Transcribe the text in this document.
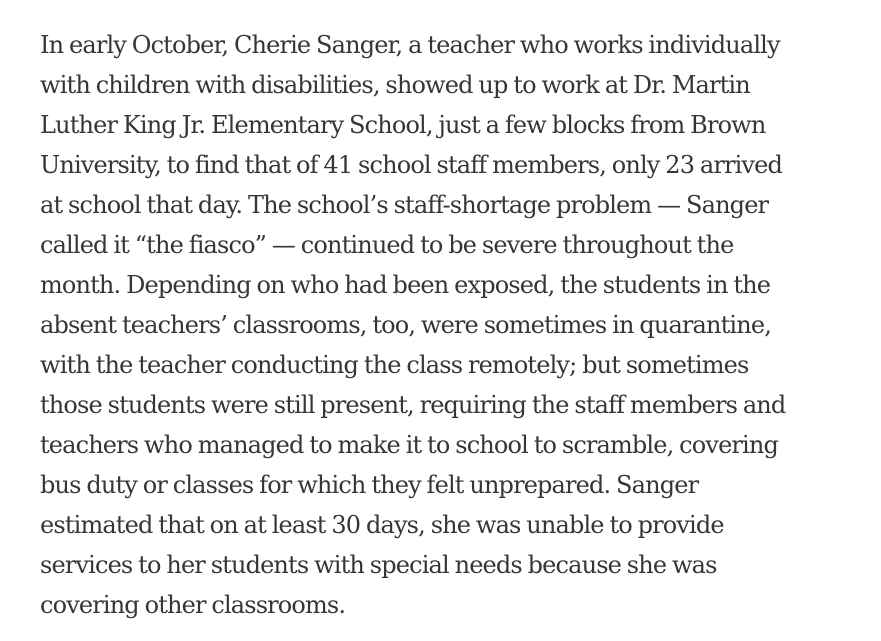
In early October, Cherie Sanger, a teacher who works individually
with children with disabilities, showed up to work at Dr. Martin
Luther King Jr. Elementary School, just a few blocks from Brown
University, to find that of 41 school staff members, only 23 arrived
at school that day. The school’s staff-shortage problem — Sanger
called it “the fiasco” — continued to be severe throughout the
month. Depending on who had been exposed, the students in the
absent teachers’ classrooms, too, were sometimes in quarantine,
with the teacher conducting the class remotely; but sometimes
those students were still present, requiring the staff members and
teachers who managed to make it to school to scramble, covering
bus duty or classes for which they felt unprepared. Sanger
estimated that on at least 30 days, she was unable to provide
services to her students with special needs because she was
covering other classrooms.
